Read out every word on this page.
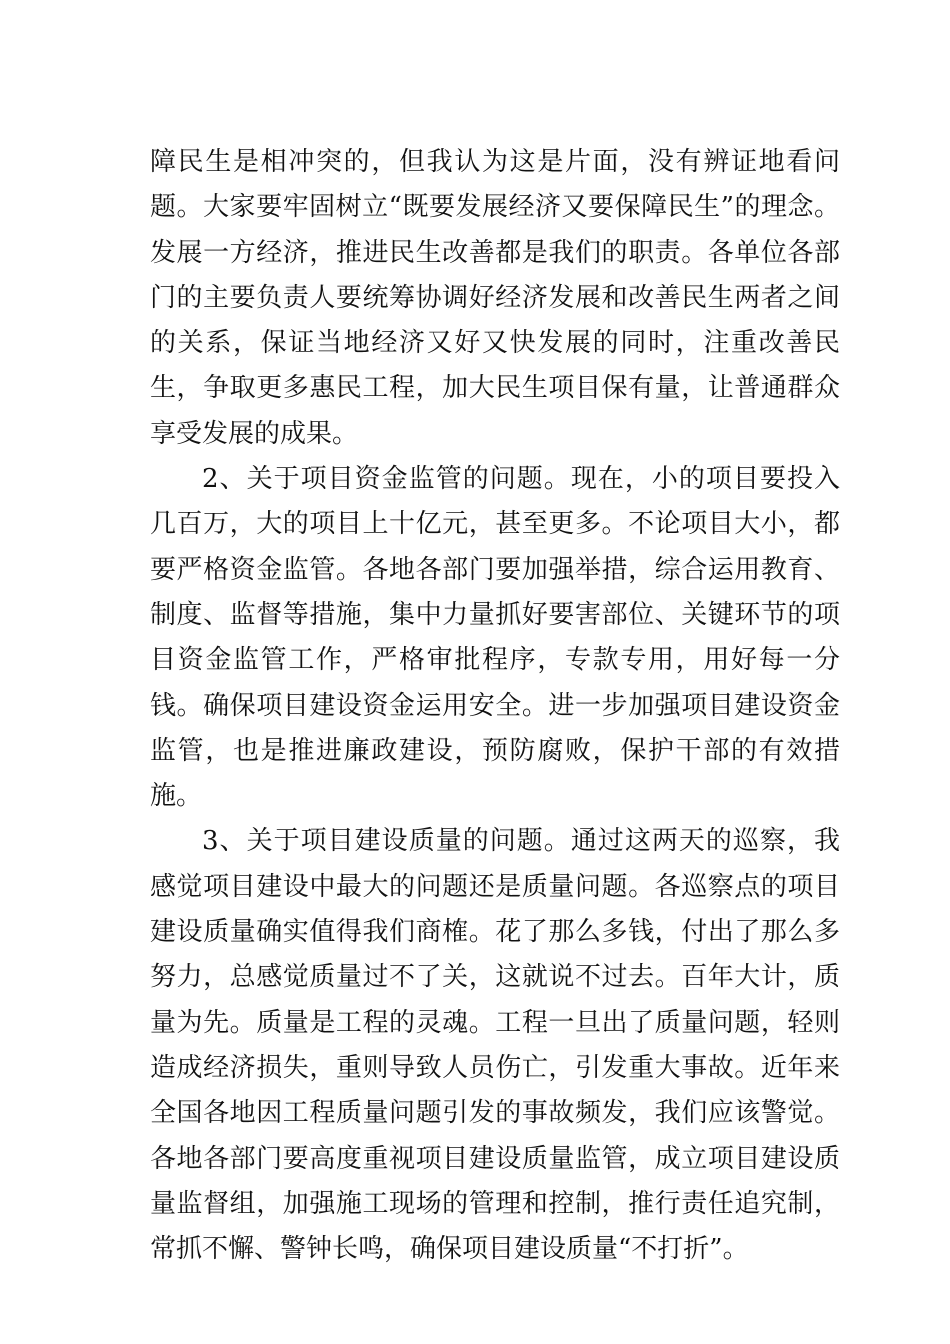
障民生是相冲突的，但我认为这是片面，没有辨证地看问题。大家要牢固树立“既要发展经济又要保障民生”的理念。发展一方经济，推进民生改善都是我们的职责。各单位各部门的主要负责人要统筹协调好经济发展和改善民生两者之间的关系，保证当地经济又好又快发展的同时，注重改善民生，争取更多惠民工程，加大民生项目保有量，让普通群众享受发展的成果。

2、关于项目资金监管的问题。现在，小的项目要投入几百万，大的项目上十亿元，甚至更多。不论项目大小，都要严格资金监管。各地各部门要加强举措，综合运用教育、制度、监督等措施，集中力量抓好要害部位、关键环节的项目资金监管工作，严格审批程序，专款专用，用好每一分钱。确保项目建设资金运用安全。进一步加强项目建设资金监管，也是推进廉政建设，预防腐败，保护干部的有效措施。

3、关于项目建设质量的问题。通过这两天的巡察，我感觉项目建设中最大的问题还是质量问题。各巡察点的项目建设质量确实值得我们商榷。花了那么多钱，付出了那么多努力，总感觉质量过不了关，这就说不过去。百年大计，质量为先。质量是工程的灵魂。工程一旦出了质量问题，轻则造成经济损失，重则导致人员伤亡，引发重大事故。近年来全国各地因工程质量问题引发的事故频发，我们应该警觉。各地各部门要高度重视项目建设质量监管，成立项目建设质量监督组，加强施工现场的管理和控制，推行责任追究制，常抓不懈、警钟长鸣，确保项目建设质量“不打折”。
